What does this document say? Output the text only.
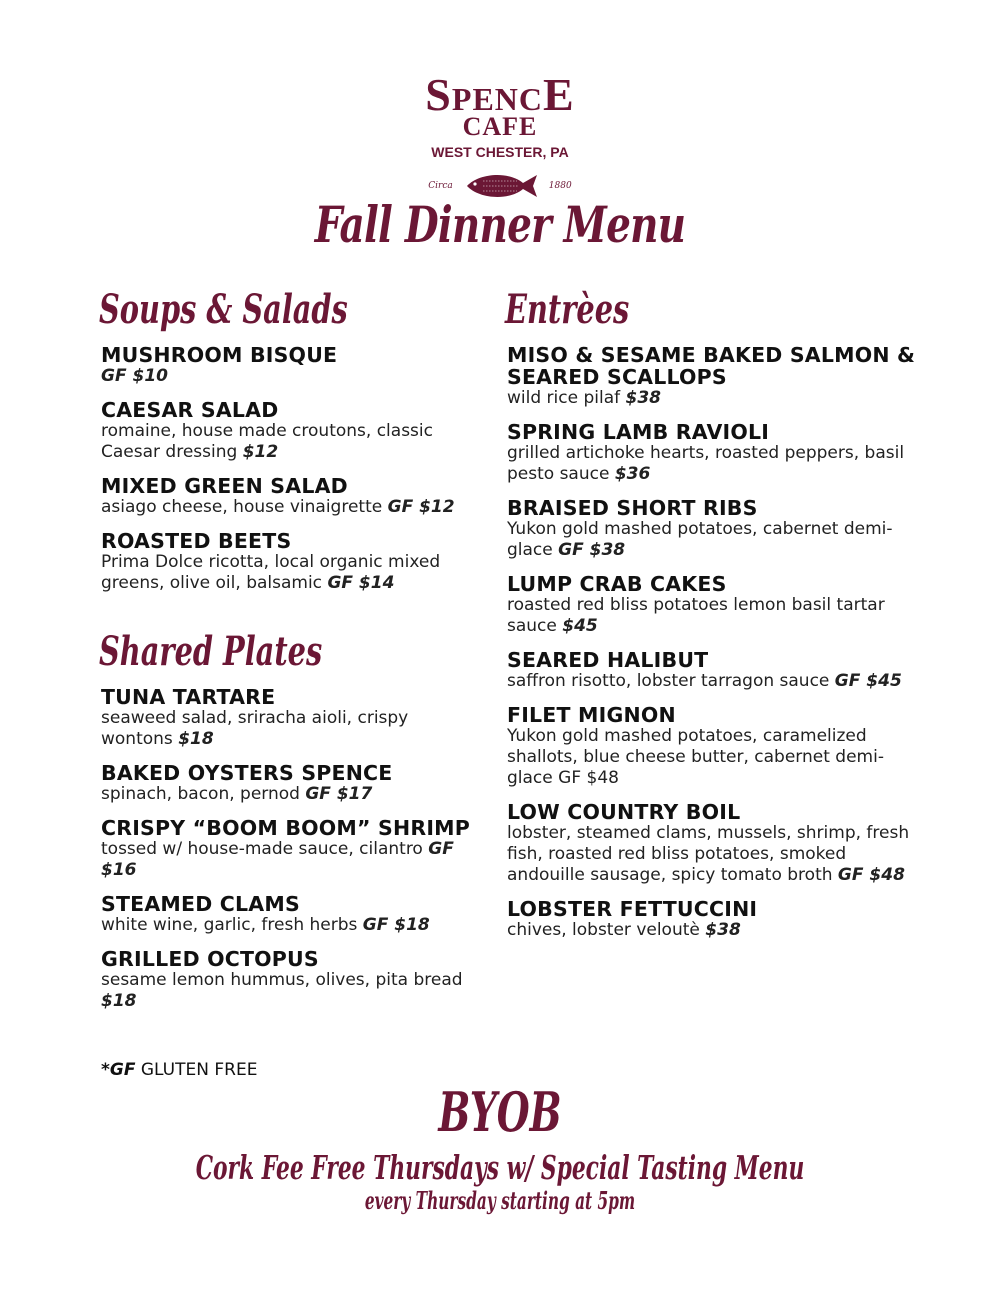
SPENCE
CAFE
WEST CHESTER, PA
Circa	1880
Fall Dinner Menu
Soups & Salads
MUSHROOM BISQUE
GF $10
CAESAR SALAD
romaine, house made croutons, classic Caesar dressing $12
MIXED GREEN SALAD
asiago cheese, house vinaigrette GF $12
ROASTED BEETS
Prima Dolce ricotta, local organic mixed greens, olive oil, balsamic GF $14
Shared Plates
TUNA TARTARE
seaweed salad, sriracha aioli, crispy wontons $18
BAKED OYSTERS SPENCE
spinach, bacon, pernod GF $17
CRISPY “BOOM BOOM” SHRIMP
tossed w/ house-made sauce, cilantro GF $16
STEAMED CLAMS
white wine, garlic, fresh herbs GF $18
GRILLED OCTOPUS
sesame lemon hummus, olives, pita bread $18
Entrèes
MISO & SESAME BAKED SALMON & SEARED SCALLOPS
wild rice pilaf $38
SPRING LAMB RAVIOLI
grilled artichoke hearts, roasted peppers, basil pesto sauce $36
BRAISED SHORT RIBS
Yukon gold mashed potatoes, cabernet demi-glace GF $38
LUMP CRAB CAKES
roasted red bliss potatoes lemon basil tartar sauce $45
SEARED HALIBUT
saffron risotto, lobster tarragon sauce GF $45
FILET MIGNON
Yukon gold mashed potatoes, caramelized shallots, blue cheese butter, cabernet demi-glace GF $48
LOW COUNTRY BOIL
lobster, steamed clams, mussels, shrimp, fresh fish, roasted red bliss potatoes, smoked andouille sausage, spicy tomato broth GF $48
LOBSTER FETTUCCINI
chives, lobster veloutè $38
*GF GLUTEN FREE
BYOB
Cork Fee Free Thursdays w/ Special Tasting Menu
every Thursday starting at 5pm
